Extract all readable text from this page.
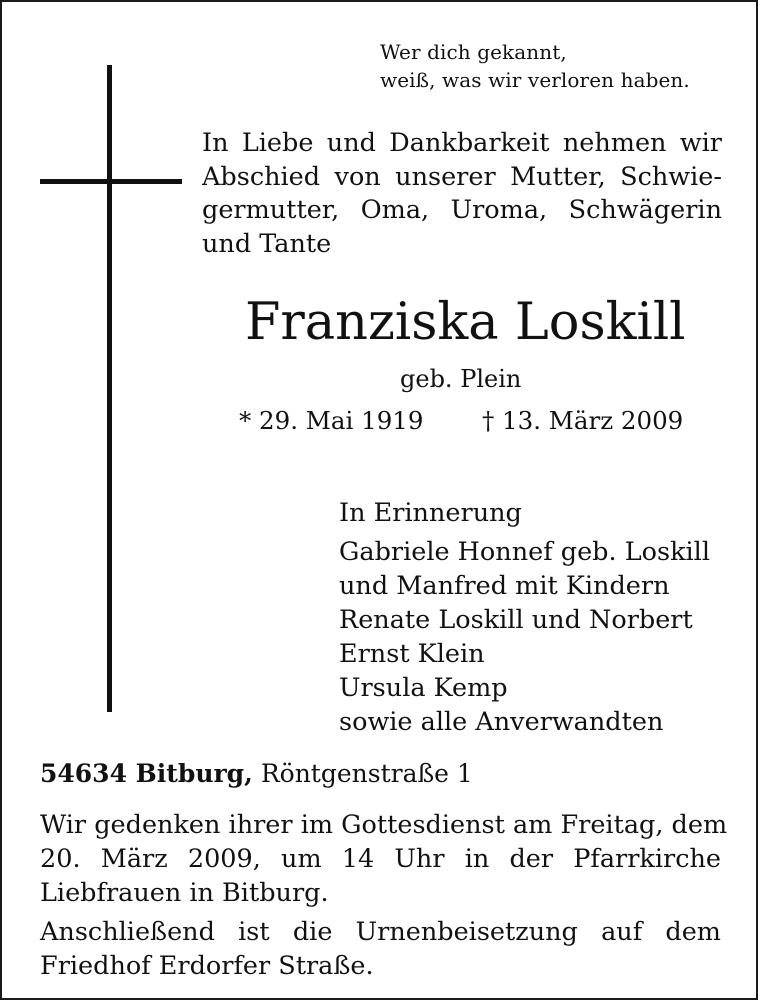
Wer dich gekannt,
weiß, was wir verloren haben.
In Liebe und Dankbarkeit nehmen wir
Abschied von unserer Mutter, Schwie-
germutter, Oma, Uroma, Schwägerin
und Tante
Franziska Loskill
geb. Plein
* 29. Mai 1919 † 13. März 2009
In Erinnerung
Gabriele Honnef geb. Loskill
und Manfred mit Kindern
Renate Loskill und Norbert
Ernst Klein
Ursula Kemp
sowie alle Anverwandten
54634 Bitburg, Röntgenstraße 1
Wir gedenken ihrer im Gottesdienst am Freitag, dem
20. März 2009, um 14 Uhr in der Pfarrkirche
Liebfrauen in Bitburg.
Anschließend ist die Urnenbeisetzung auf dem
Friedhof Erdorfer Straße.
